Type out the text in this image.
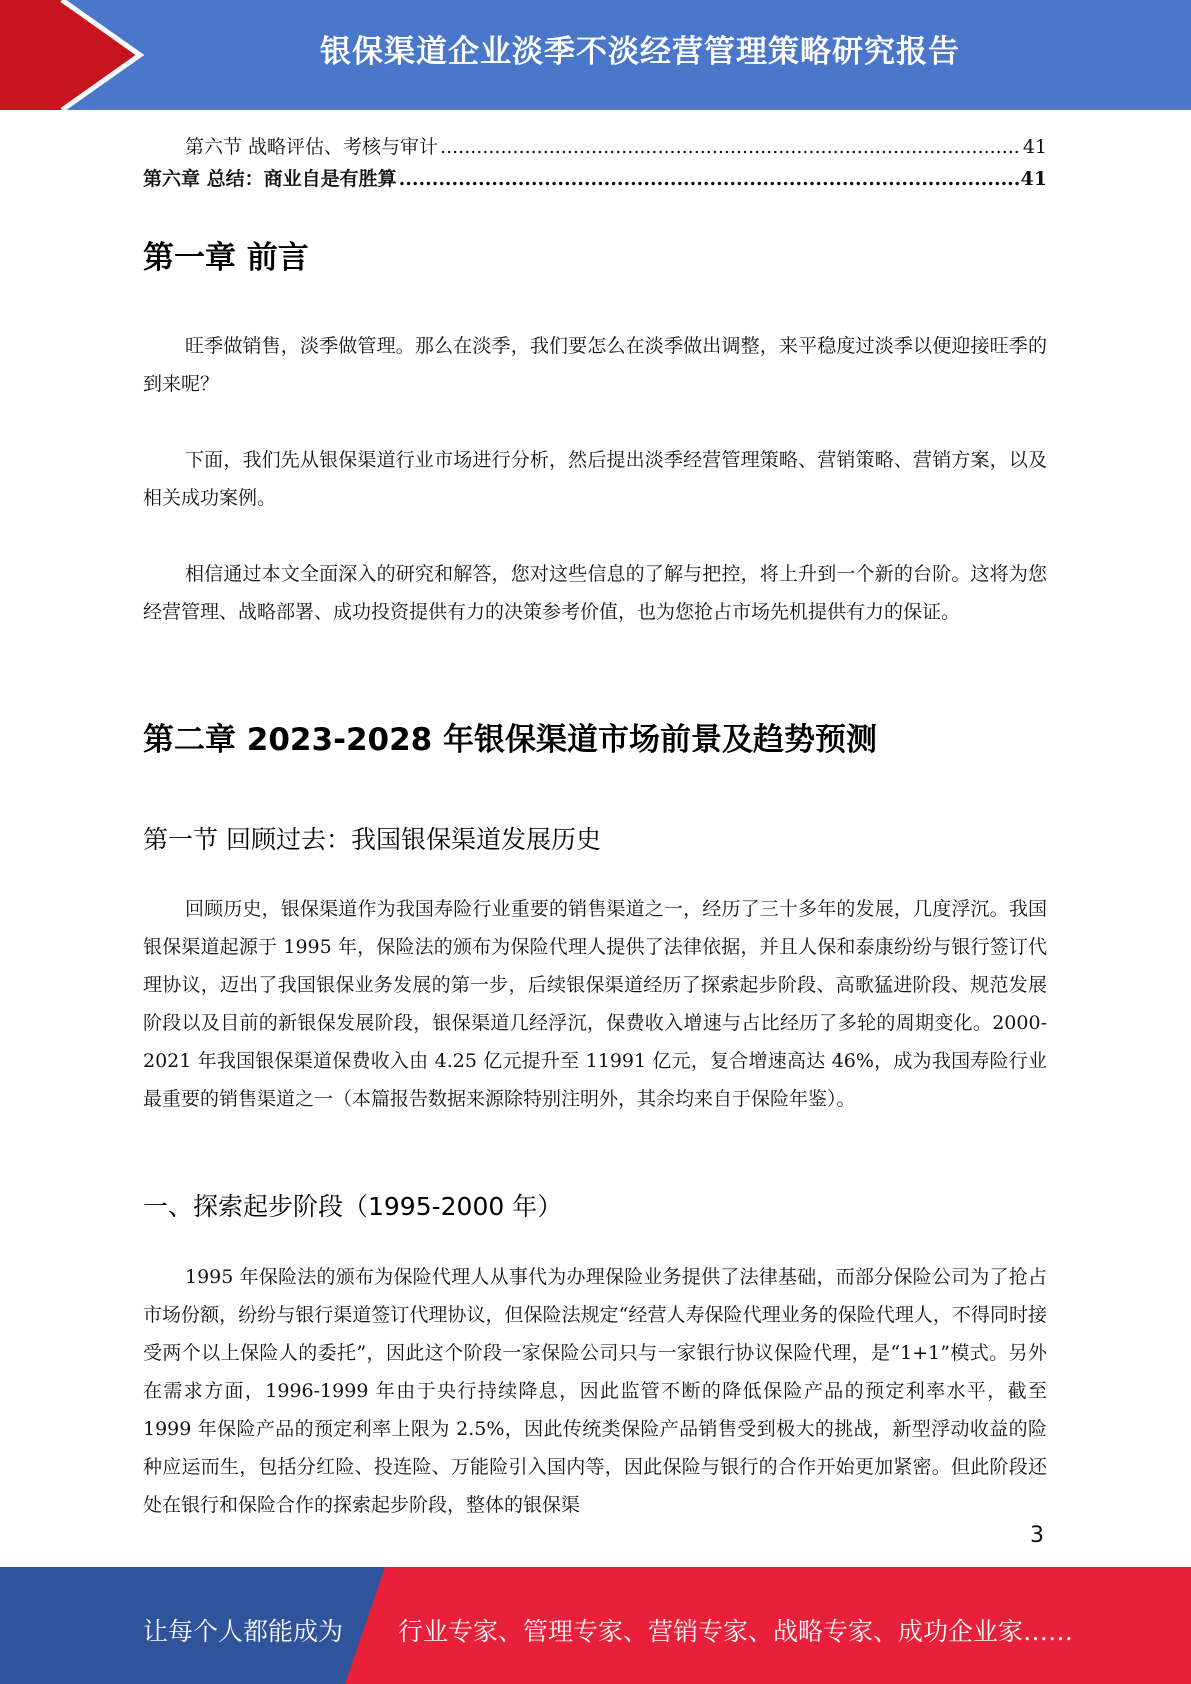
银保渠道企业淡季不淡经营管理策略研究报告
第六节 战略评估、考核与审计 .....	41
第六章 总结：商业自是有胜算 .....	41
第一章 前言

旺季做销售，淡季做管理。那么在淡季，我们要怎么在淡季做出调整，来平稳度过淡季以便迎接旺季的到来呢？

下面，我们先从银保渠道行业市场进行分析，然后提出淡季经营管理策略、营销策略、营销方案，以及相关成功案例。

相信通过本文全面深入的研究和解答，您对这些信息的了解与把控，将上升到一个新的台阶。这将为您经营管理、战略部署、成功投资提供有力的决策参考价值，也为您抢占市场先机提供有力的保证。

第二章 2023-2028 年银保渠道市场前景及趋势预测
第一节 回顾过去：我国银保渠道发展历史

回顾历史，银保渠道作为我国寿险行业重要的销售渠道之一，经历了三十多年的发展，几度浮沉。我国银保渠道起源于 1995 年，保险法的颁布为保险代理人提供了法律依据，并且人保和泰康纷纷与银行签订代理协议，迈出了我国银保业务发展的第一步，后续银保渠道经历了探索起步阶段、高歌猛进阶段、规范发展阶段以及目前的新银保发展阶段，银保渠道几经浮沉，保费收入增速与占比经历了多轮的周期变化。2000-2021 年我国银保渠道保费收入由 4.25 亿元提升至 11991 亿元，复合增速高达 46%，成为我国寿险行业最重要的销售渠道之一（本篇报告数据来源除特别注明外，其余均来自于保险年鉴）。

一、探索起步阶段（1995-2000 年）

1995 年保险法的颁布为保险代理人从事代为办理保险业务提供了法律基础，而部分保险公司为了抢占市场份额，纷纷与银行渠道签订代理协议，但保险法规定“经营人寿保险代理业务的保险代理人，不得同时接受两个以上保险人的委托”，因此这个阶段一家保险公司只与一家银行协议保险代理，是“1+1”模式。另外在需求方面，1996-1999 年由于央行持续降息，因此监管不断的降低保险产品的预定利率水平，截至 1999 年保险产品的预定利率上限为 2.5%，因此传统类保险产品销售受到极大的挑战，新型浮动收益的险种应运而生，包括分红险、投连险、万能险引入国内等，因此保险与银行的合作开始更加紧密。但此阶段还处在银行和保险合作的探索起步阶段，整体的银保渠

3
让每个人都能成为 行业专家、管理专家、营销专家、战略专家、成功企业家……
